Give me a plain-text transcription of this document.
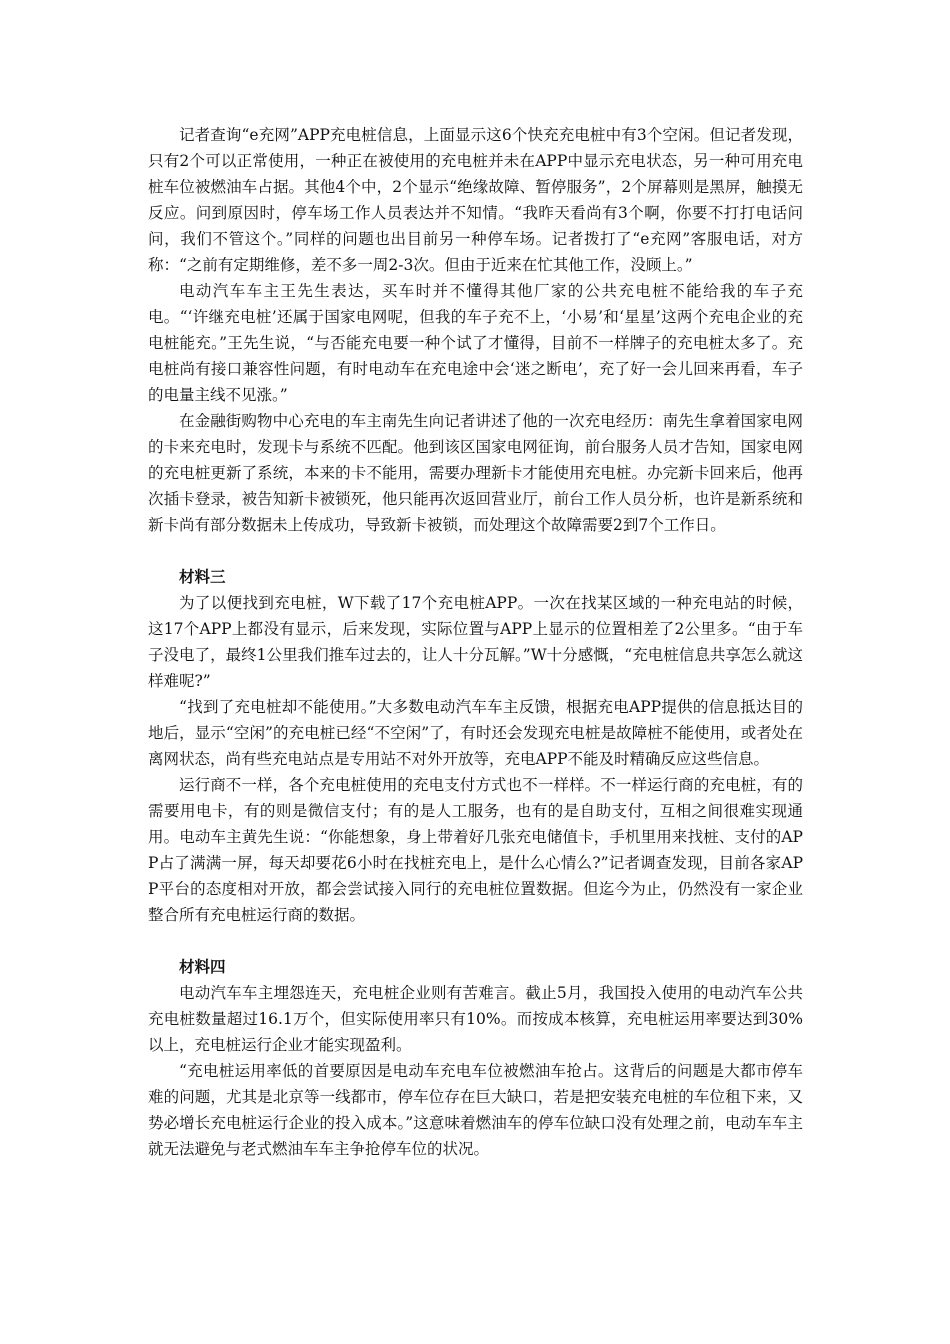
记者查询“e充网”APP充电桩信息，上面显示这6个快充充电桩中有3个空闲。但记者发现，只有2个可以正常使用，一种正在被使用的充电桩并未在APP中显示充电状态，另一种可用充电桩车位被燃油车占据。其他4个中，2个显示“绝缘故障、暂停服务”，2个屏幕则是黑屏，触摸无反应。问到原因时，停车场工作人员表达并不知情。“我昨天看尚有3个啊，你要不打打电话问问，我们不管这个。”同样的问题也出目前另一种停车场。记者拨打了“e充网”客服电话，对方称：“之前有定期维修，差不多一周2-3次。但由于近来在忙其他工作，没顾上。”

电动汽车车主王先生表达，买车时并不懂得其他厂家的公共充电桩不能给我的车子充电。“‘许继充电桩’还属于国家电网呢，但我的车子充不上，‘小易’和‘星星’这两个充电企业的充电桩能充。”王先生说，“与否能充电要一种个试了才懂得，目前不一样牌子的充电桩太多了。充电桩尚有接口兼容性问题，有时电动车在充电途中会‘迷之断电’，充了好一会儿回来再看，车子的电量主线不见涨。”

在金融街购物中心充电的车主南先生向记者讲述了他的一次充电经历：南先生拿着国家电网的卡来充电时，发现卡与系统不匹配。他到该区国家电网征询，前台服务人员才告知，国家电网的充电桩更新了系统，本来的卡不能用，需要办理新卡才能使用充电桩。办完新卡回来后，他再次插卡登录，被告知新卡被锁死，他只能再次返回营业厅，前台工作人员分析，也许是新系统和新卡尚有部分数据未上传成功，导致新卡被锁，而处理这个故障需要2到7个工作日。

材料三

为了以便找到充电桩，W下载了17个充电桩APP。一次在找某区域的一种充电站的时候，这17个APP上都没有显示，后来发现，实际位置与APP上显示的位置相差了2公里多。“由于车子没电了，最终1公里我们推车过去的，让人十分瓦解。”W十分感慨，“充电桩信息共享怎么就这样难呢?”

“找到了充电桩却不能使用。”大多数电动汽车车主反馈，根据充电APP提供的信息抵达目的地后，显示“空闲”的充电桩已经“不空闲”了，有时还会发现充电桩是故障桩不能使用，或者处在离网状态，尚有些充电站点是专用站不对外开放等，充电APP不能及时精确反应这些信息。

运行商不一样，各个充电桩使用的充电支付方式也不一样样。不一样运行商的充电桩，有的需要用电卡，有的则是微信支付；有的是人工服务，也有的是自助支付，互相之间很难实现通用。电动车主黄先生说：“你能想象，身上带着好几张充电储值卡，手机里用来找桩、支付的APP占了满满一屏，每天却要花6小时在找桩充电上，是什么心情么?”记者调查发现，目前各家APP平台的态度相对开放，都会尝试接入同行的充电桩位置数据。但迄今为止，仍然没有一家企业整合所有充电桩运行商的数据。

材料四

电动汽车车主埋怨连天，充电桩企业则有苦难言。截止5月，我国投入使用的电动汽车公共充电桩数量超过16.1万个，但实际使用率只有10%。而按成本核算，充电桩运用率要达到30%以上，充电桩运行企业才能实现盈利。

“充电桩运用率低的首要原因是电动车充电车位被燃油车抢占。这背后的问题是大都市停车难的问题，尤其是北京等一线都市，停车位存在巨大缺口，若是把安装充电桩的车位租下来，又势必增长充电桩运行企业的投入成本。”这意味着燃油车的停车位缺口没有处理之前，电动车车主就无法避免与老式燃油车车主争抢停车位的状况。
